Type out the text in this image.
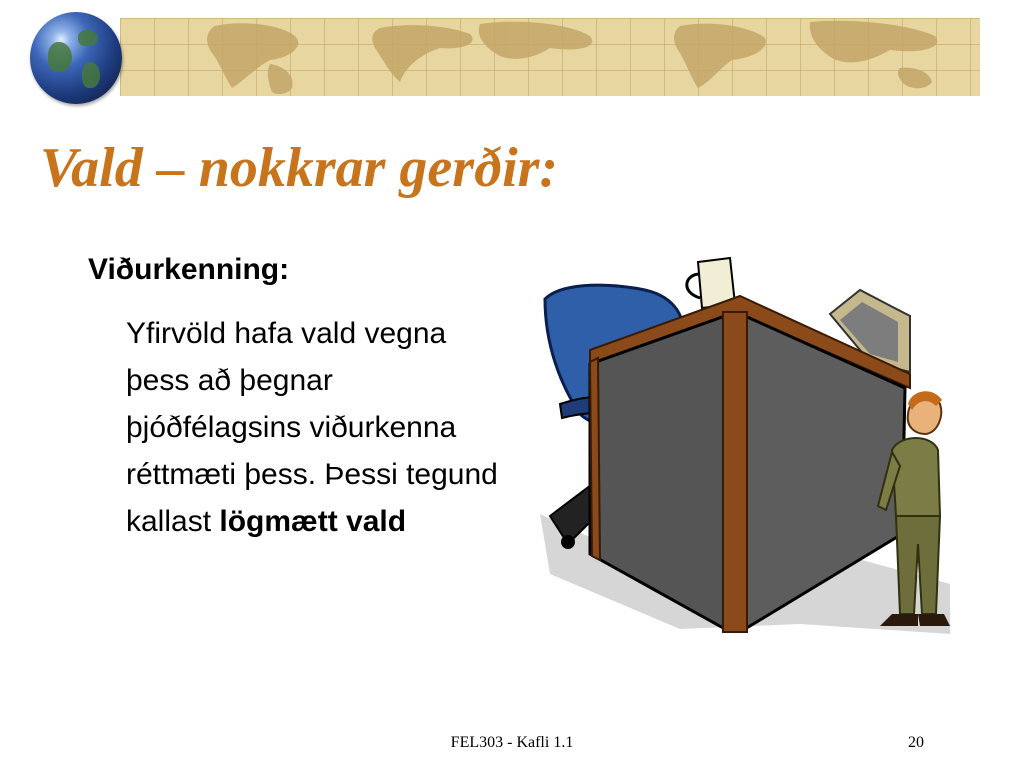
Vald – nokkrar gerðir:
Viðurkenning:

Yfirvöld hafa vald vegna þess að þegnar þjóðfélagsins viðurkenna réttmæti þess. Þessi tegund kallast lögmætt vald

FEL303 - Kafli 1.1	20
